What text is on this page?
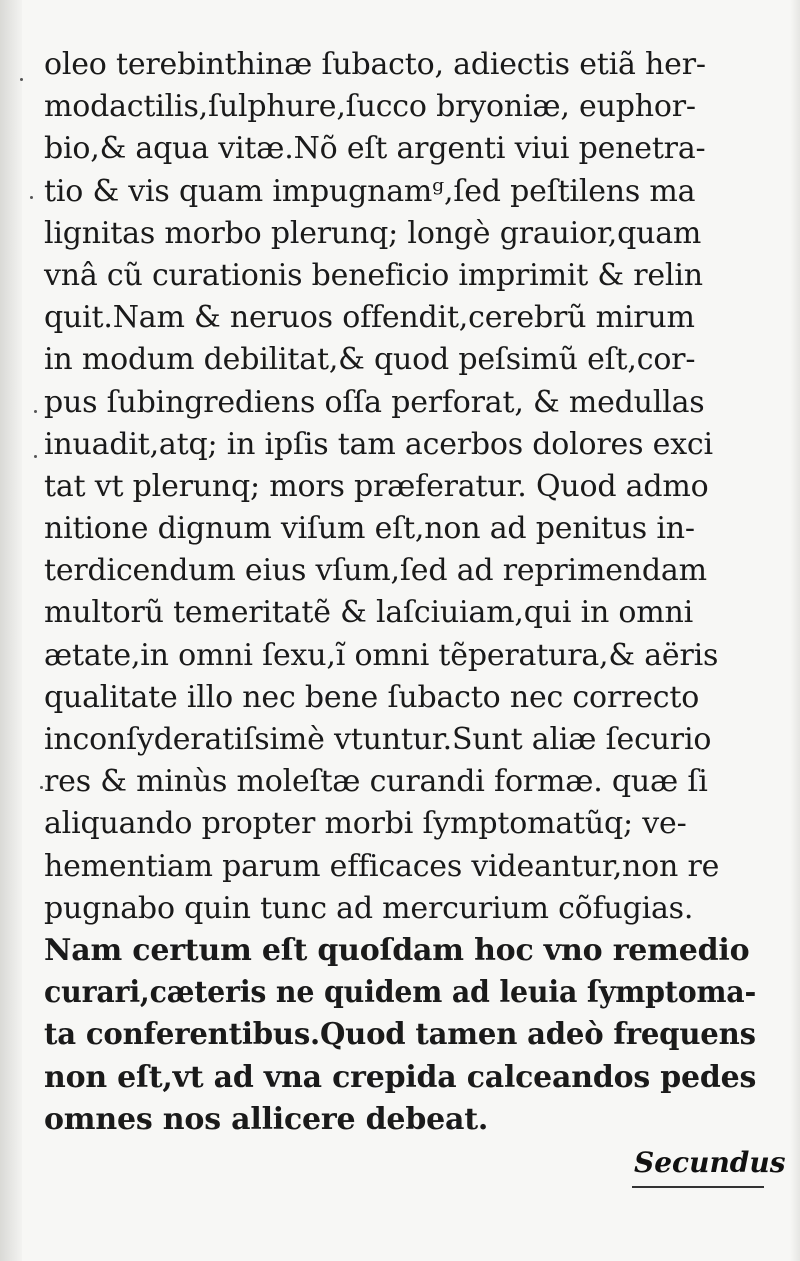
oleo terebinthinæ ſubacto, adiectis etiã her-
modactilis,ſulphure,ſucco bryoniæ, euphor-
bio,& aqua vitæ.Nõ eſt argenti viui penetra-
tio & vis quam impugnamᵍ,ſed peſtilens ma
lignitas morbo plerunq; longè grauior,quam
vnâ cũ curationis beneficio imprimit & relin
quit.Nam & neruos offendit,cerebrũ mirum
in modum debilitat,& quod peſsimũ eſt,cor-
pus ſubingrediens oſſa perforat, & medullas
inuadit,atq; in ipſis tam acerbos dolores exci
tat vt plerunq; mors præferatur. Quod admo
nitione dignum viſum eſt,non ad penitus in-
terdicendum eius vſum,ſed ad reprimendam
multorũ temeritatẽ & laſciuiam,qui in omni
ætate,in omni ſexu,ĩ omni tẽperatura,& aëris
qualitate illo nec bene ſubacto nec correcto
inconſyderatiſsimè vtuntur.Sunt aliæ ſecurio
res & minùs moleſtæ curandi formæ. quæ ſi
aliquando propter morbi ſymptomatũq; ve-
hementiam parum efficaces videantur,non re
pugnabo quin tunc ad mercurium cõfugias.
Nam certum eſt quoſdam hoc vno remedio
curari,cæteris ne quidem ad leuia ſymptoma-
ta conferentibus.Quod tamen adeò frequens
non eſt,vt ad vna crepida calceandos pedes
omnes nos allicere debeat.
Secundus
